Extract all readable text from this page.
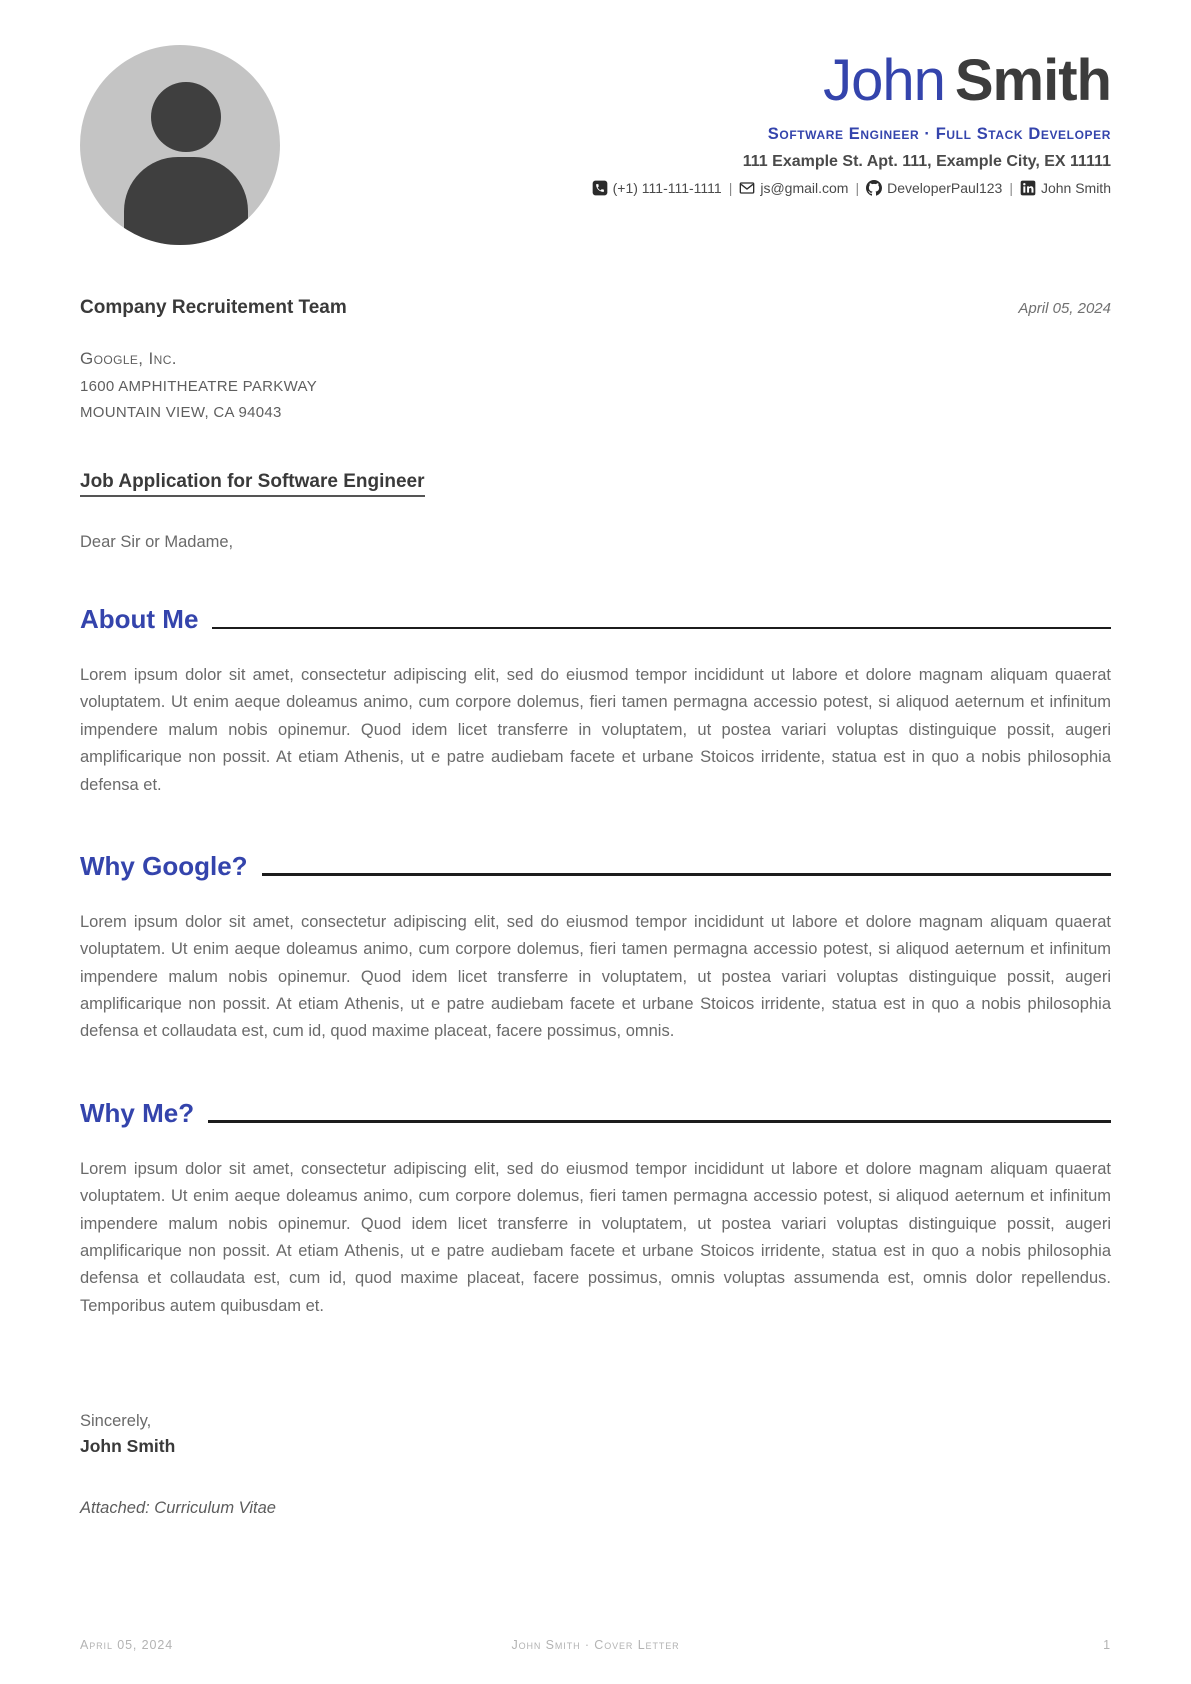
John Smith
Software Engineer · Full Stack Developer
111 Example St. Apt. 111, Example City, EX 11111
(+1) 111-111-1111 | js@gmail.com | DeveloperPaul123 | John Smith
Company Recruitement Team	April 05, 2024
Google, Inc.
1600 AMPHITHEATRE PARKWAY
MOUNTAIN VIEW, CA 94043
Job Application for Software Engineer
Dear Sir or Madame,
About Me

Lorem ipsum dolor sit amet, consectetur adipiscing elit, sed do eiusmod tempor incididunt ut labore et dolore magnam aliquam quaerat voluptatem. Ut enim aeque doleamus animo, cum corpore dolemus, fieri tamen permagna accessio potest, si aliquod aeternum et infinitum impendere malum nobis opinemur. Quod idem licet transferre in voluptatem, ut postea variari voluptas distinguique possit, augeri amplificarique non possit. At etiam Athenis, ut e patre audiebam facete et urbane Stoicos irridente, statua est in quo a nobis philosophia defensa et.

Why Google?

Lorem ipsum dolor sit amet, consectetur adipiscing elit, sed do eiusmod tempor incididunt ut labore et dolore magnam aliquam quaerat voluptatem. Ut enim aeque doleamus animo, cum corpore dolemus, fieri tamen permagna accessio potest, si aliquod aeternum et infinitum impendere malum nobis opinemur. Quod idem licet transferre in voluptatem, ut postea variari voluptas distinguique possit, augeri amplificarique non possit. At etiam Athenis, ut e patre audiebam facete et urbane Stoicos irridente, statua est in quo a nobis philosophia defensa et collaudata est, cum id, quod maxime placeat, facere possimus, omnis.

Why Me?

Lorem ipsum dolor sit amet, consectetur adipiscing elit, sed do eiusmod tempor incididunt ut labore et dolore magnam aliquam quaerat voluptatem. Ut enim aeque doleamus animo, cum corpore dolemus, fieri tamen permagna accessio potest, si aliquod aeternum et infinitum impendere malum nobis opinemur. Quod idem licet transferre in voluptatem, ut postea variari voluptas distinguique possit, augeri amplificarique non possit. At etiam Athenis, ut e patre audiebam facete et urbane Stoicos irridente, statua est in quo a nobis philosophia defensa et collaudata est, cum id, quod maxime placeat, facere possimus, omnis voluptas assumenda est, omnis dolor repellendus. Temporibus autem quibusdam et.

Sincerely,
John Smith
Attached: Curriculum Vitae
April 05, 2024	John Smith · Cover Letter	1
